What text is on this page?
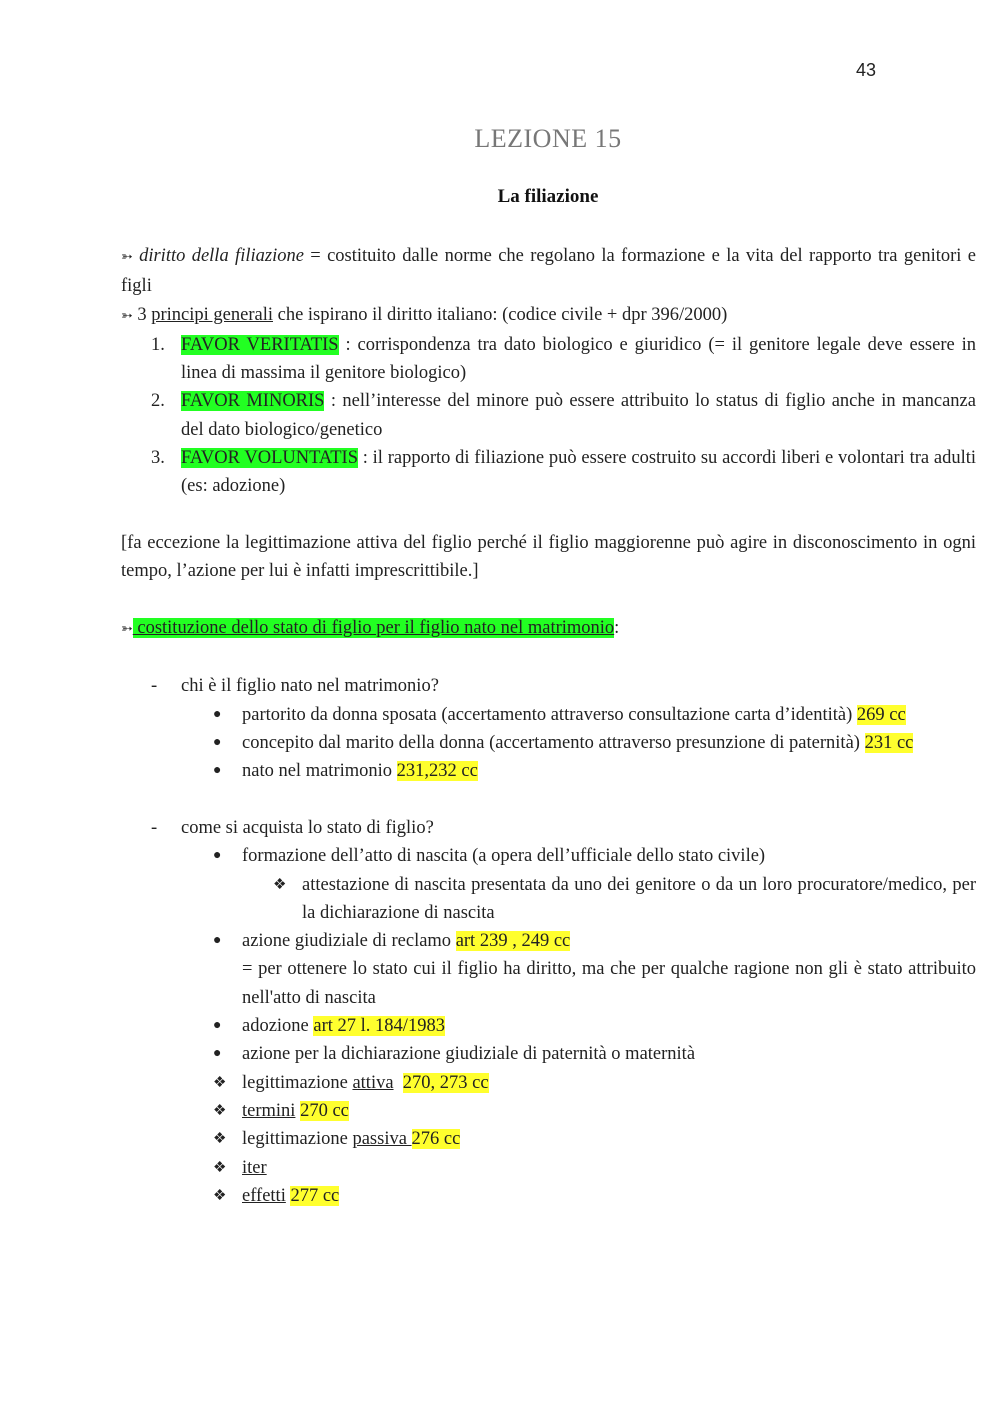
43
LEZIONE 15
La filiazione

➳ diritto della filiazione = costituito dalle norme che regolano la formazione e la vita del rapporto tra genitori e figli

➳ 3 principi generali che ispirano il diritto italiano: (codice civile + dpr 396/2000)

1. FAVOR VERITATIS : corrispondenza tra dato biologico e giuridico (= il genitore legale deve essere in linea di massima il genitore biologico)
2. FAVOR MINORIS : nell’interesse del minore può essere attribuito lo status di figlio anche in mancanza del dato biologico/genetico
3. FAVOR VOLUNTATIS : il rapporto di filiazione può essere costruito su accordi liberi e volontari tra adulti (es: adozione)

[fa eccezione la legittimazione attiva del figlio perché il figlio maggiorenne può agire in disconoscimento in ogni tempo, l’azione per lui è infatti imprescrittibile.]

➳ costituzione dello stato di figlio per il figlio nato nel matrimonio:

- chi è il figlio nato nel matrimonio?
● partorito da donna sposata (accertamento attraverso consultazione carta d’identità) 269 cc
● concepito dal marito della donna (accertamento attraverso presunzione di paternità) 231 cc
● nato nel matrimonio 231,232 cc
- come si acquista lo stato di figlio?
● formazione dell’atto di nascita (a opera dell’ufficiale dello stato civile)
❖ attestazione di nascita presentata da uno dei genitore o da un loro procuratore/medico, per la dichiarazione di nascita
● azione giudiziale di reclamo art 239 , 249 cc
= per ottenere lo stato cui il figlio ha diritto, ma che per qualche ragione non gli è stato attribuito nell'atto di nascita
● adozione art 27 l. 184/1983
● azione per la dichiarazione giudiziale di paternità o maternità
❖ legittimazione attiva 270, 273 cc
❖ termini 270 cc
❖ legittimazione passiva 276 cc
❖ iter
❖ effetti 277 cc
